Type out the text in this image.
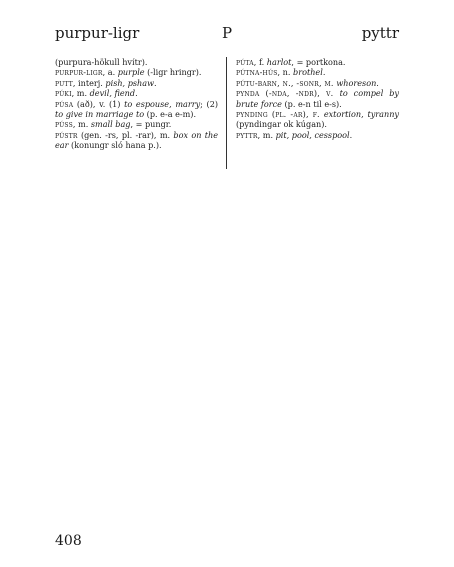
purpur-ligr	P	pyttr
(purpura-hökull hvítr).
purpur-ligr, a. purple (-ligr hringr).
putt, interj. pish, pshaw.
púki, m. devil, fiend.
púsa (að), v. (1) to espouse, marry; (2) to give in marriage to (p. e-a e-m).
púss, m. small bag, = pungr.
pústr (gen. -rs, pl. -rar), m. box on the ear (konungr sló hana p.).
púta, f. harlot, = portkona.
pútna-hús, n. brothel.
pútu-barn, n., -sonr, m. whoreson.
pynda (-nda, -ndr), v. to compel by brute force (p. e-n til e-s).
pynding (pl. -ar), f. extortion, tyranny (pyndingar ok kúgan).
pyttr, m. pit, pool, cesspool.
408
